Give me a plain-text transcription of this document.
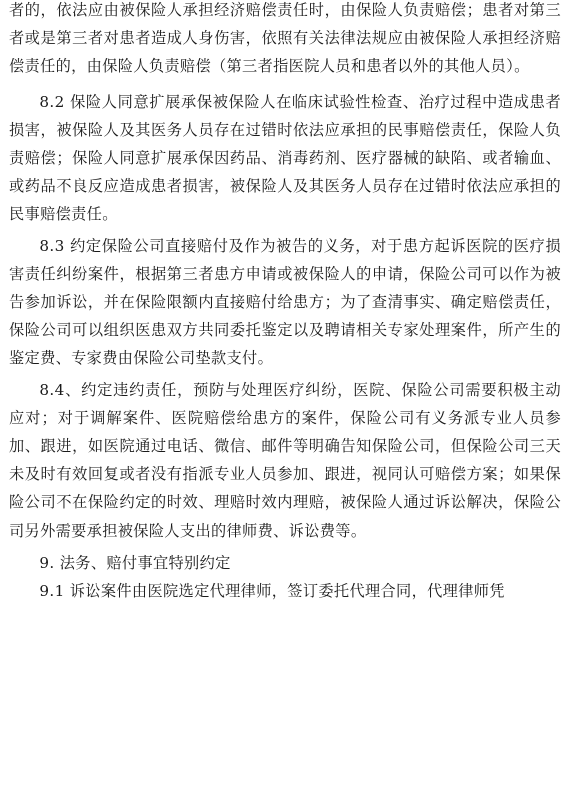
者的，依法应由被保险人承担经济赔偿责任时，由保险人负责赔偿；患者对第三者或是第三者对患者造成人身伤害，依照有关法律法规应由被保险人承担经济赔偿责任的，由保险人负责赔偿（第三者指医院人员和患者以外的其他人员）。

8.2 保险人同意扩展承保被保险人在临床试验性检查、治疗过程中造成患者损害，被保险人及其医务人员存在过错时依法应承担的民事赔偿责任，保险人负责赔偿；保险人同意扩展承保因药品、消毒药剂、医疗器械的缺陷、或者输血、或药品不良反应造成患者损害，被保险人及其医务人员存在过错时依法应承担的民事赔偿责任。

8.3 约定保险公司直接赔付及作为被告的义务，对于患方起诉医院的医疗损害责任纠纷案件，根据第三者患方申请或被保险人的申请，保险公司可以作为被告参加诉讼，并在保险限额内直接赔付给患方；为了查清事实、确定赔偿责任，保险公司可以组织医患双方共同委托鉴定以及聘请相关专家处理案件，所产生的鉴定费、专家费由保险公司垫款支付。

8.4、约定违约责任，预防与处理医疗纠纷，医院、保险公司需要积极主动应对；对于调解案件、医院赔偿给患方的案件，保险公司有义务派专业人员参加、跟进，如医院通过电话、微信、邮件等明确告知保险公司，但保险公司三天未及时有效回复或者没有指派专业人员参加、跟进，视同认可赔偿方案；如果保险公司不在保险约定的时效、理赔时效内理赔，被保险人通过诉讼解决，保险公司另外需要承担被保险人支出的律师费、诉讼费等。

9. 法务、赔付事宜特别约定

9.1 诉讼案件由医院选定代理律师，签订委托代理合同，代理律师凭
